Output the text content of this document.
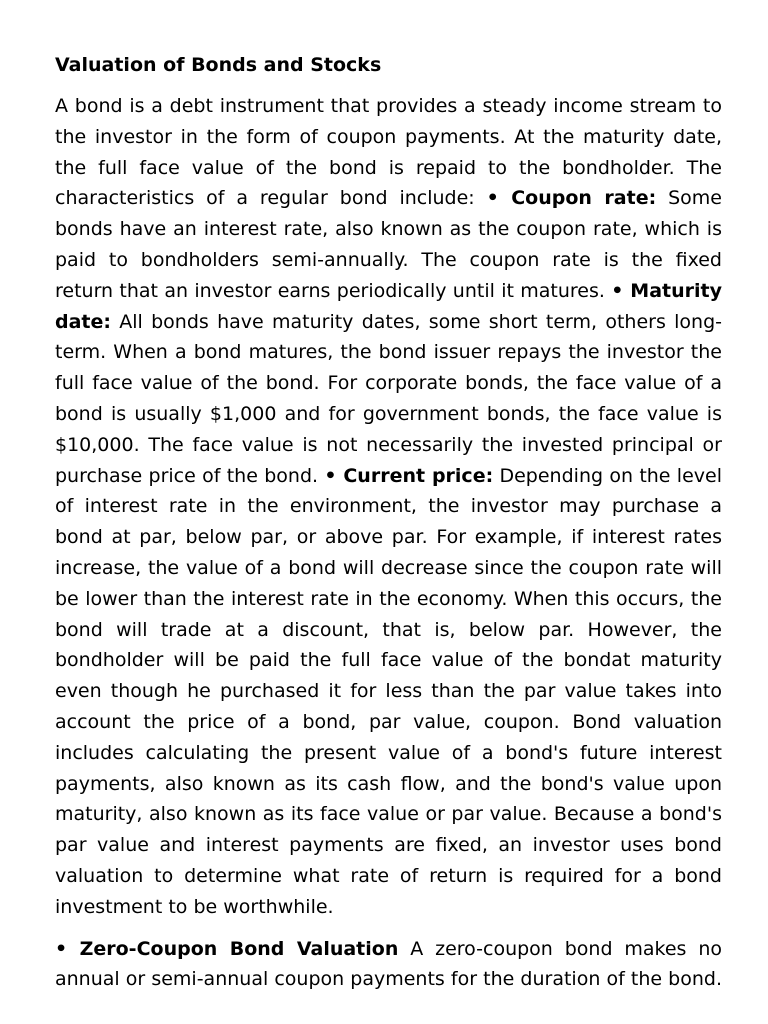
Valuation of Bonds and Stocks

A bond is a debt instrument that provides a steady income stream to the investor in the form of coupon payments. At the maturity date, the full face value of the bond is repaid to the bondholder. The characteristics of a regular bond include: • Coupon rate: Some bonds have an interest rate, also known as the coupon rate, which is paid to bondholders semi-annually. The coupon rate is the fixed return that an investor earns periodically until it matures. • Maturity date: All bonds have maturity dates, some short term, others long-term. When a bond matures, the bond issuer repays the investor the full face value of the bond. For corporate bonds, the face value of a bond is usually $1,000 and for government bonds, the face value is $10,000. The face value is not necessarily the invested principal or purchase price of the bond. • Current price: Depending on the level of interest rate in the environment, the investor may purchase a bond at par, below par, or above par. For example, if interest rates increase, the value of a bond will decrease since the coupon rate will be lower than the interest rate in the economy. When this occurs, the bond will trade at a discount, that is, below par. However, the bondholder will be paid the full face value of the bondat maturity even though he purchased it for less than the par value takes into account the price of a bond, par value, coupon. Bond valuation includes calculating the present value of a bond's future interest payments, also known as its cash flow, and the bond's value upon maturity, also known as its face value or par value. Because a bond's par value and interest payments are fixed, an investor uses bond valuation to determine what rate of return is required for a bond investment to be worthwhile.

• Zero-Coupon Bond Valuation A zero-coupon bond makes no annual or semi-annual coupon payments for the duration of the bond.
